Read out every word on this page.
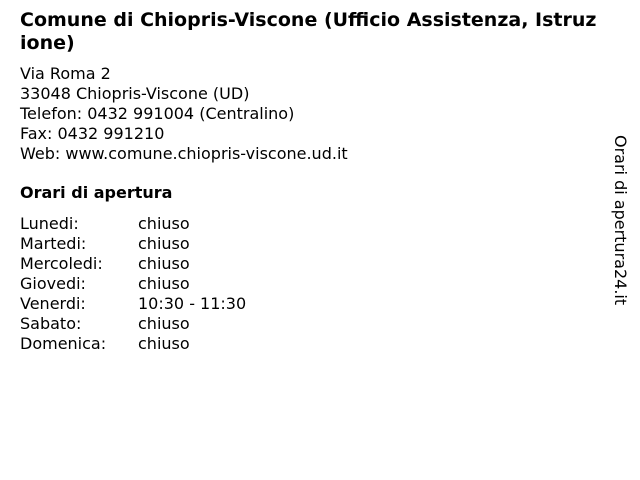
Comune di Chiopris-Viscone (Ufficio Assistenza, Istruzione)
Via Roma 2
33048 Chiopris-Viscone (UD)
Telefon: 0432 991004 (Centralino)
Fax: 0432 991210
Web: www.comune.chiopris-viscone.ud.it
Orari di apertura
Lunedi:	chiuso
Martedi:	chiuso
Mercoledi:	chiuso
Giovedi:	chiuso
Venerdi:	10:30 - 11:30
Sabato:	chiuso
Domenica:	chiuso
Orari di apertura24.it
